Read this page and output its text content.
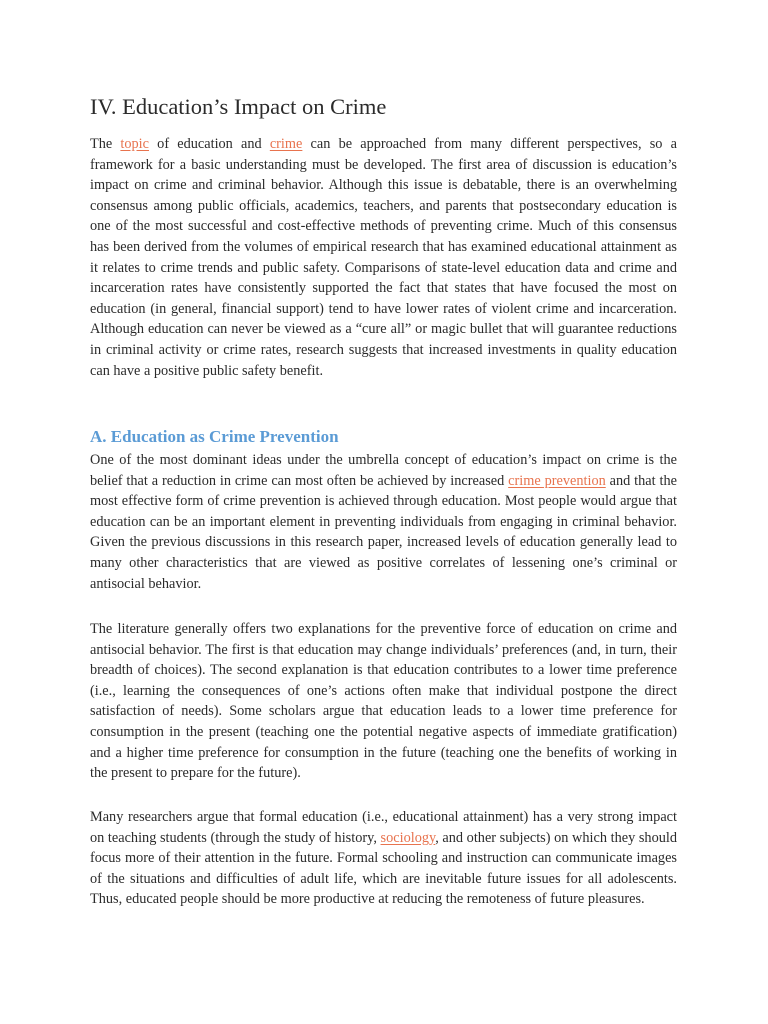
IV. Education’s Impact on Crime

The topic of education and crime can be approached from many different perspectives, so a framework for a basic understanding must be developed. The first area of discussion is education’s impact on crime and criminal behavior. Although this issue is debatable, there is an overwhelming consensus among public officials, academics, teachers, and parents that postsecondary education is one of the most successful and cost-effective methods of preventing crime. Much of this consensus has been derived from the volumes of empirical research that has examined educational attainment as it relates to crime trends and public safety. Comparisons of state-level education data and crime and incarceration rates have consistently supported the fact that states that have focused the most on education (in general, financial support) tend to have lower rates of violent crime and incarceration. Although education can never be viewed as a “cure all” or magic bullet that will guarantee reductions in criminal activity or crime rates, research suggests that increased investments in quality education can have a positive public safety benefit.

A. Education as Crime Prevention

One of the most dominant ideas under the umbrella concept of education’s impact on crime is the belief that a reduction in crime can most often be achieved by increased crime prevention and that the most effective form of crime prevention is achieved through education. Most people would argue that education can be an important element in preventing individuals from engaging in criminal behavior. Given the previous discussions in this research paper, increased levels of education generally lead to many other characteristics that are viewed as positive correlates of lessening one’s criminal or antisocial behavior.

The literature generally offers two explanations for the preventive force of education on crime and antisocial behavior. The first is that education may change individuals’ preferences (and, in turn, their breadth of choices). The second explanation is that education contributes to a lower time preference (i.e., learning the consequences of one’s actions often make that individual postpone the direct satisfaction of needs). Some scholars argue that education leads to a lower time preference for consumption in the present (teaching one the potential negative aspects of immediate gratification) and a higher time preference for consumption in the future (teaching one the benefits of working in the present to prepare for the future).

Many researchers argue that formal education (i.e., educational attainment) has a very strong impact on teaching students (through the study of history, sociology, and other subjects) on which they should focus more of their attention in the future. Formal schooling and instruction can communicate images of the situations and difficulties of adult life, which are inevitable future issues for all adolescents. Thus, educated people should be more productive at reducing the remoteness of future pleasures.
